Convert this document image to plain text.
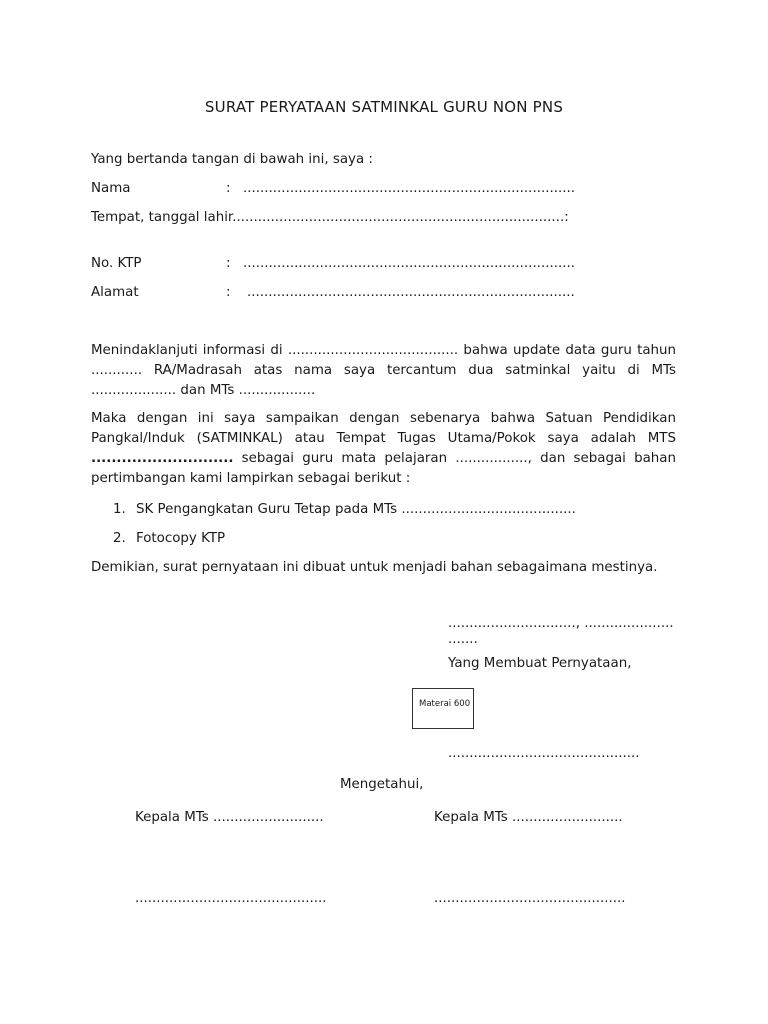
SURAT PERYATAAN SATMINKAL GURU NON PNS
Yang bertanda tangan di bawah ini, saya :
Nama	: ..............................................................................
Tempat, tanggal lahir..............................................................................:
No. KTP	: ..............................................................................
Alamat	: .............................................................................
Menindaklanjuti informasi di ........................................ bahwa update data guru tahun ............ RA/Madrasah atas nama saya tercantum dua satminkal yaitu di MTs .................... dan MTs ..................
Maka dengan ini saya sampaikan dengan sebenarya bahwa Satuan Pendidikan Pangkal/Induk (SATMINKAL) atau Tempat Tugas Utama/Pokok saya adalah MTS ............................ sebagai guru mata pelajaran ................., dan sebagai bahan pertimbangan kami lampirkan sebagai berikut :
1. SK Pengangkatan Guru Tetap pada MTs .........................................
2. Fotocopy KTP
Demikian, surat pernyataan ini dibuat untuk menjadi bahan sebagaimana mestinya.
.............................., .....................
.......
Yang Membuat Pernyataan,
Materai 600
.............................................
Mengetahui,
Kepala MTs ..........................	Kepala MTs ..........................
.............................................	.............................................
